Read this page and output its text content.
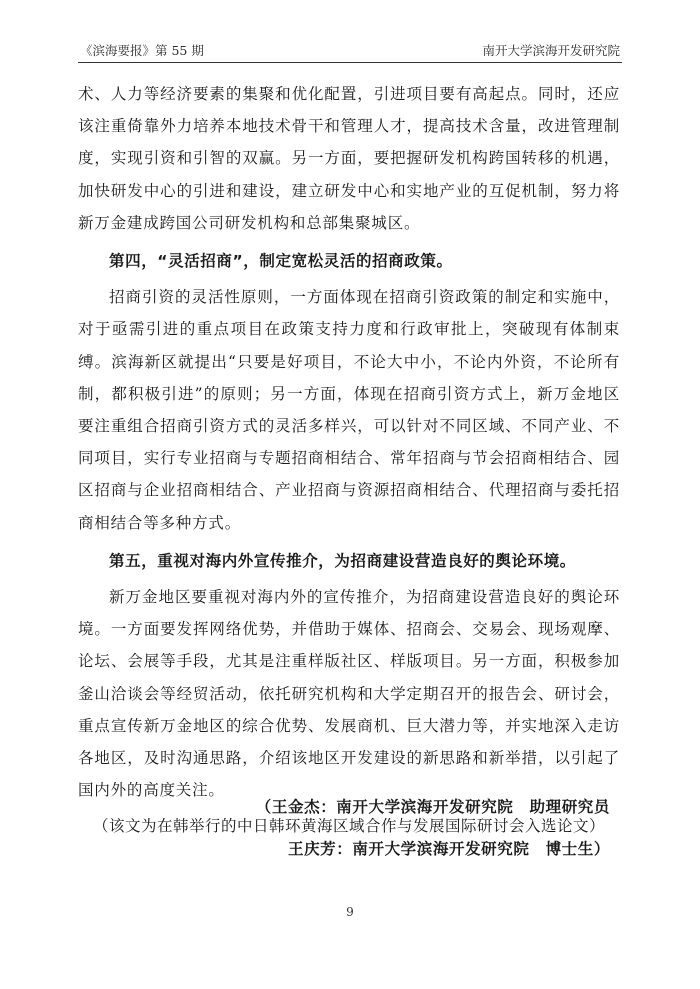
《滨海要报》第 55 期	南开大学滨海开发研究院

术、人力等经济要素的集聚和优化配置，引进项目要有高起点。同时，还应该注重倚靠外力培养本地技术骨干和管理人才，提高技术含量，改进管理制度，实现引资和引智的双赢。另一方面，要把握研发机构跨国转移的机遇，加快研发中心的引进和建设，建立研发中心和实地产业的互促机制，努力将新万金建成跨国公司研发机构和总部集聚城区。

第四，“灵活招商”，制定宽松灵活的招商政策。

招商引资的灵活性原则，一方面体现在招商引资政策的制定和实施中，对于亟需引进的重点项目在政策支持力度和行政审批上，突破现有体制束缚。滨海新区就提出“只要是好项目，不论大中小，不论内外资，不论所有制，都积极引进”的原则；另一方面，体现在招商引资方式上，新万金地区要注重组合招商引资方式的灵活多样兴，可以针对不同区域、不同产业、不同项目，实行专业招商与专题招商相结合、常年招商与节会招商相结合、园区招商与企业招商相结合、产业招商与资源招商相结合、代理招商与委托招商相结合等多种方式。

第五，重视对海内外宣传推介，为招商建设营造良好的舆论环境。

新万金地区要重视对海内外的宣传推介，为招商建设营造良好的舆论环境。一方面要发挥网络优势，并借助于媒体、招商会、交易会、现场观摩、论坛、会展等手段，尤其是注重样版社区、样版项目。另一方面，积极参加釜山洽谈会等经贸活动，依托研究机构和大学定期召开的报告会、研讨会，重点宣传新万金地区的综合优势、发展商机、巨大潜力等，并实地深入走访各地区，及时沟通思路，介绍该地区开发建设的新思路和新举措，以引起了国内外的高度关注。

（该文为在韩举行的中日韩环黄海区域合作与发展国际研讨会入选论文）

（王金杰：南开大学滨海开发研究院　助理研究员
王庆芳：南开大学滨海开发研究院　博士生）
9
